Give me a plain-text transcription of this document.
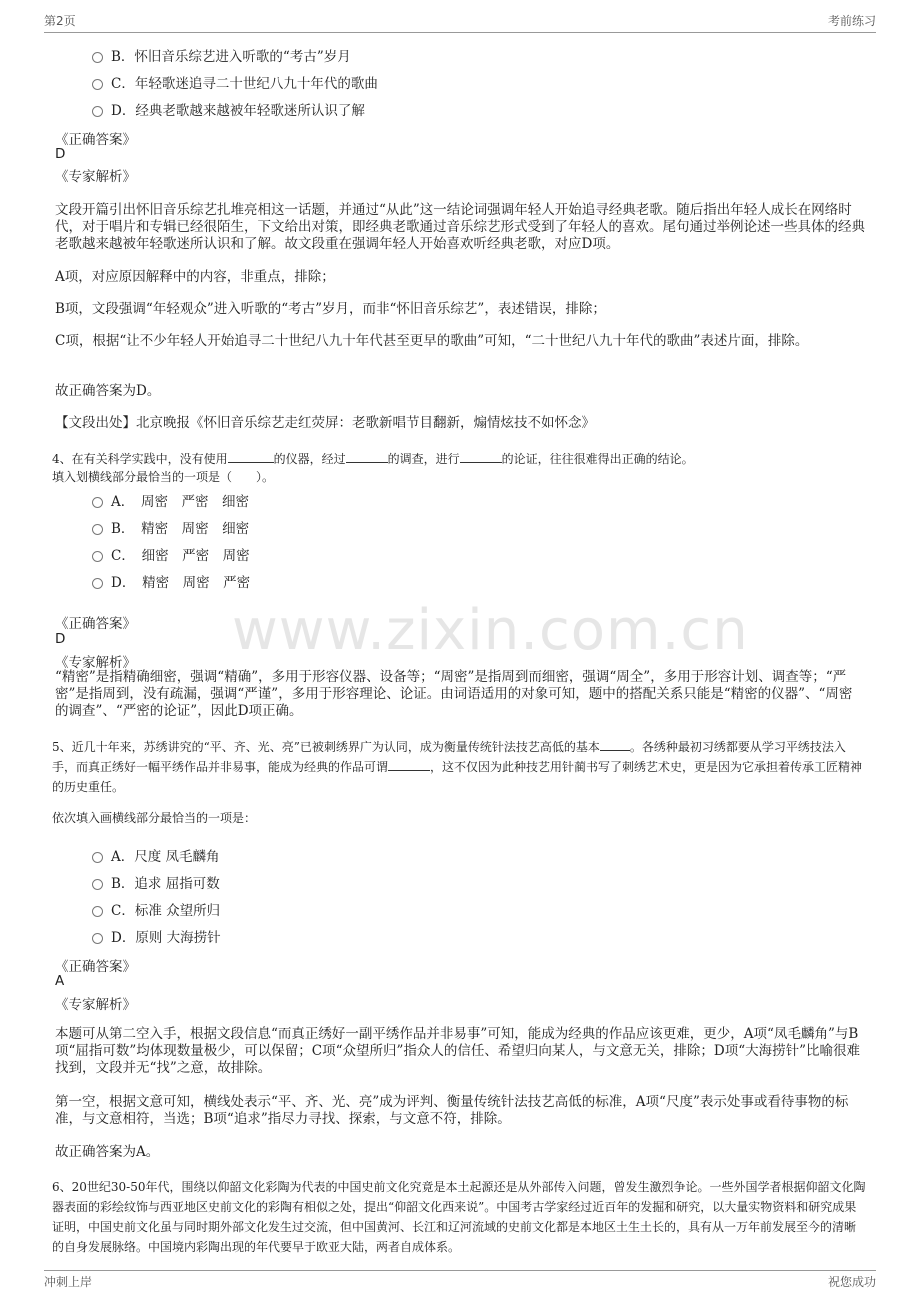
第2页	考前练习
www.zixin.com.cn
B．怀旧音乐综艺进入听歌的“考古”岁月
C．年轻歌迷追寻二十世纪八九十年代的歌曲
D．经典老歌越来越被年轻歌迷所认识了解
《正确答案》
D
《专家解析》
文段开篇引出怀旧音乐综艺扎堆亮相这一话题，并通过“从此”这一结论词强调年轻人开始追寻经典老歌。随后指出年轻人成长在网络时代，对于唱片和专辑已经很陌生，下文给出对策，即经典老歌通过音乐综艺形式受到了年轻人的喜欢。尾句通过举例论述一些具体的经典老歌越来越被年轻歌迷所认识和了解。故文段重在强调年轻人开始喜欢听经典老歌，对应D项。
A项，对应原因解释中的内容，非重点，排除；
B项，文段强调“年轻观众”进入听歌的“考古”岁月，而非“怀旧音乐综艺”，表述错误，排除；
C项，根据“让不少年轻人开始追寻二十世纪八九十年代甚至更早的歌曲”可知，“二十世纪八九十年代的歌曲”表述片面，排除。
故正确答案为D。
【文段出处】北京晚报《怀旧音乐综艺走红荧屏：老歌新唱节目翻新，煽情炫技不如怀念》
4、在有关科学实践中，没有使用	的仪器，经过	的调查，进行	的论证，往往很难得出正确的结论。
填入划横线部分最恰当的一项是（　　）。
A．　周密　严密　细密
B．　精密　周密　细密
C．　细密　严密　周密
D．　精密　周密　严密
《正确答案》
D
《专家解析》
“精密”是指精确细密，强调“精确”，多用于形容仪器、设备等；“周密”是指周到而细密，强调“周全”，多用于形容计划、调查等；“严密”是指周到，没有疏漏，强调“严谨”，多用于形容理论、论证。由词语适用的对象可知，题中的搭配关系只能是“精密的仪器”、“周密的调查”、“严密的论证”，因此D项正确。
5、近几十年来，苏绣讲究的“平、齐、光、亮”已被刺绣界广为认同，成为衡量传统针法技艺高低的基本	。各绣种最初习绣都要从学习平绣技法入手，而真正绣好一幅平绣作品并非易事，能成为经典的作品可谓	，这不仅因为此种技艺用针蔺书写了刺绣艺术史，更是因为它承担着传承工匠精神的历史重任。
依次填入画横线部分最恰当的一项是：
A．尺度 凤毛麟角
B．追求 屈指可数
C．标准 众望所归
D．原则 大海捞针
《正确答案》
A
《专家解析》
本题可从第二空入手，根据文段信息“而真正绣好一副平绣作品并非易事”可知，能成为经典的作品应该更难，更少，A项“凤毛麟角”与B项“屈指可数”均体现数量极少，可以保留；C项“众望所归”指众人的信任、希望归向某人，与文意无关，排除；D项“大海捞针”比喻很难找到，文段并无“找”之意，故排除。
第一空，根据文意可知，横线处表示“平、齐、光、亮”成为评判、衡量传统针法技艺高低的标准，A项“尺度”表示处事或看待事物的标准，与文意相符，当选；B项“追求”指尽力寻找、探索，与文意不符，排除。
故正确答案为A。
6、20世纪30-50年代，围绕以仰韶文化彩陶为代表的中国史前文化究竟是本土起源还是从外部传入问题，曾发生激烈争论。一些外国学者根据仰韶文化陶器表面的彩绘纹饰与西亚地区史前文化的彩陶有相似之处，提出“仰韶文化西来说”。中国考古学家经过近百年的发掘和研究，以大量实物资料和研究成果证明，中国史前文化虽与同时期外部文化发生过交流，但中国黄河、长江和辽河流域的史前文化都是本地区土生土长的，具有从一万年前发展至今的清晰的自身发展脉络。中国境内彩陶出现的年代要早于欧亚大陆，两者自成体系。
冲刺上岸	祝您成功
